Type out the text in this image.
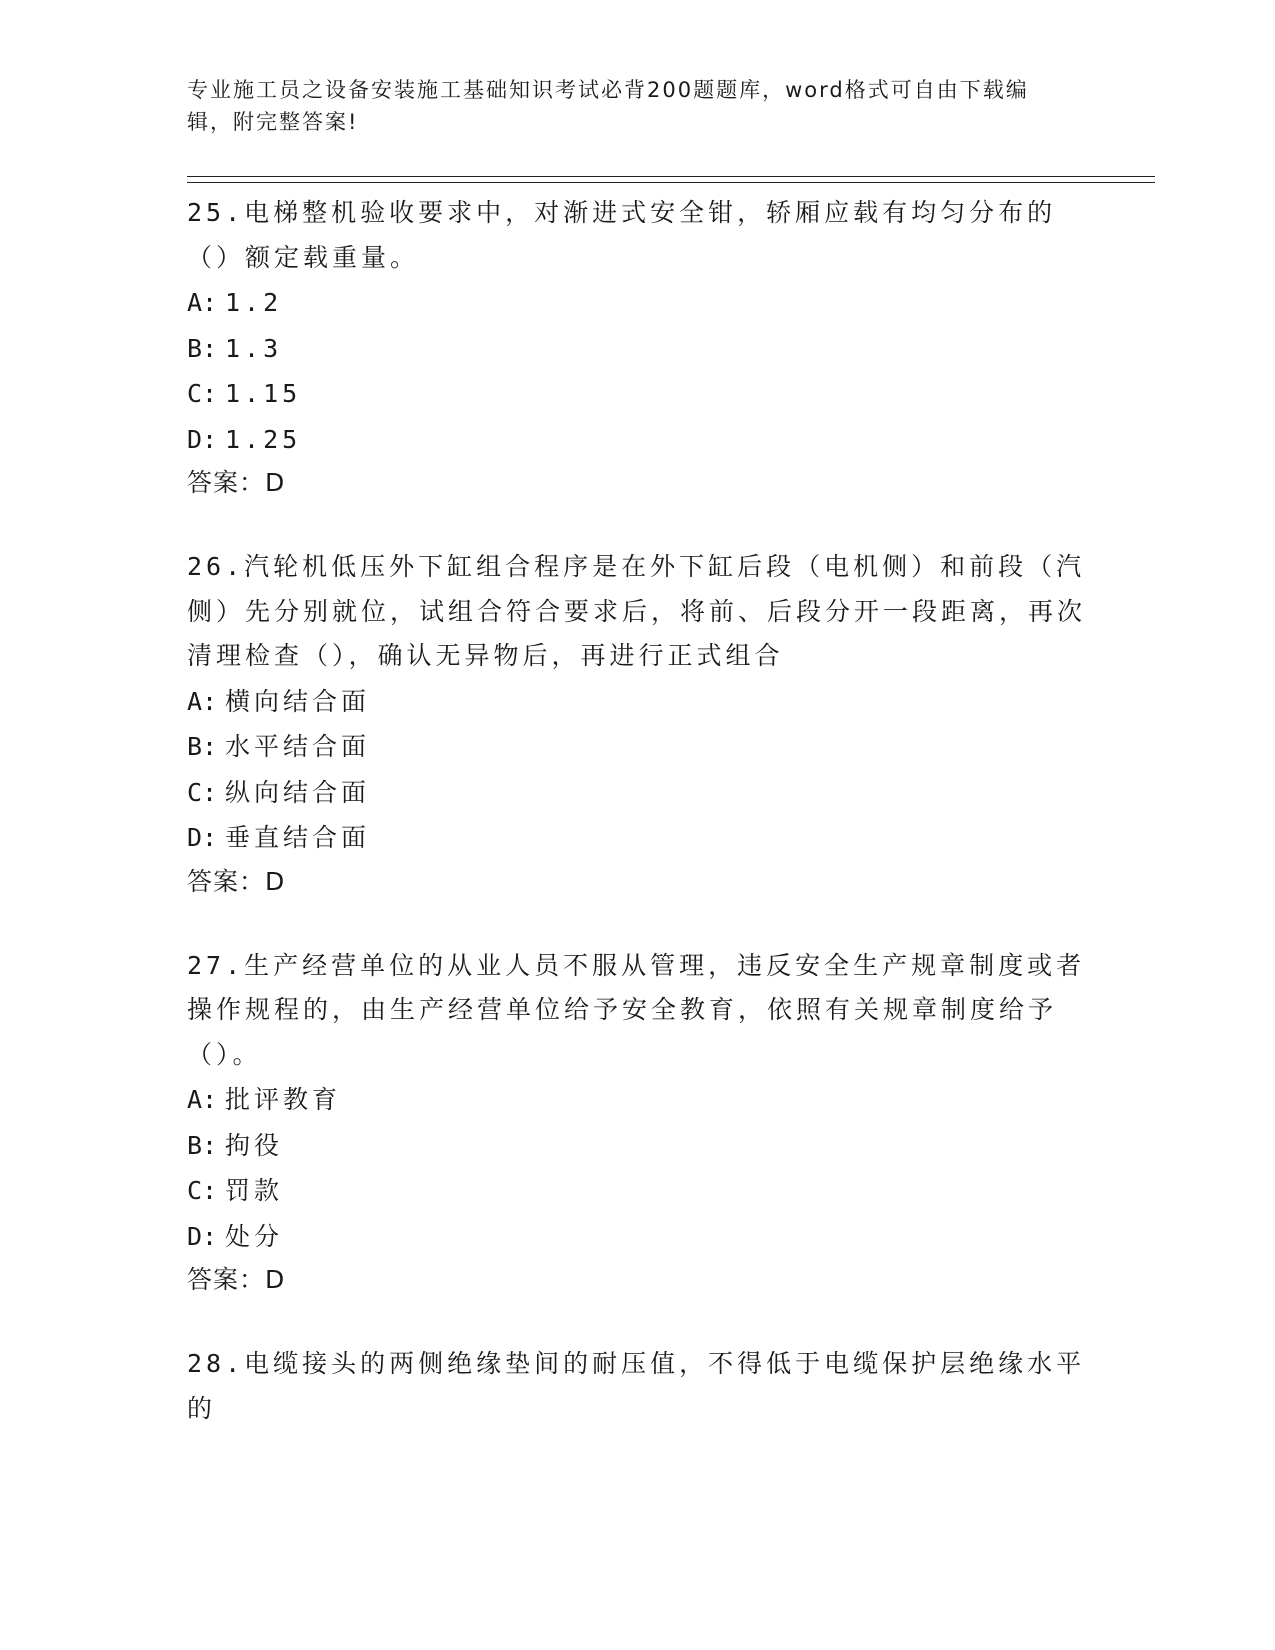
专业施工员之设备安装施工基础知识考试必背200题题库，word格式可自由下载编辑，附完整答案!

25.电梯整机验收要求中，对渐进式安全钳，轿厢应载有均匀分布的（）额定载重量。

A: 1.2

B: 1.3

C: 1.15

D: 1.25

答案：D

26.汽轮机低压外下缸组合程序是在外下缸后段（电机侧）和前段（汽侧）先分别就位，试组合符合要求后，将前、后段分开一段距离，再次清理检查（），确认无异物后，再进行正式组合

A: 横向结合面

B: 水平结合面

C: 纵向结合面

D: 垂直结合面

答案：D

27.生产经营单位的从业人员不服从管理，违反安全生产规章制度或者操作规程的，由生产经营单位给予安全教育，依照有关规章制度给予（）。

A: 批评教育

B: 拘役

C: 罚款

D: 处分

答案：D

28.电缆接头的两侧绝缘垫间的耐压值，不得低于电缆保护层绝缘水平的
